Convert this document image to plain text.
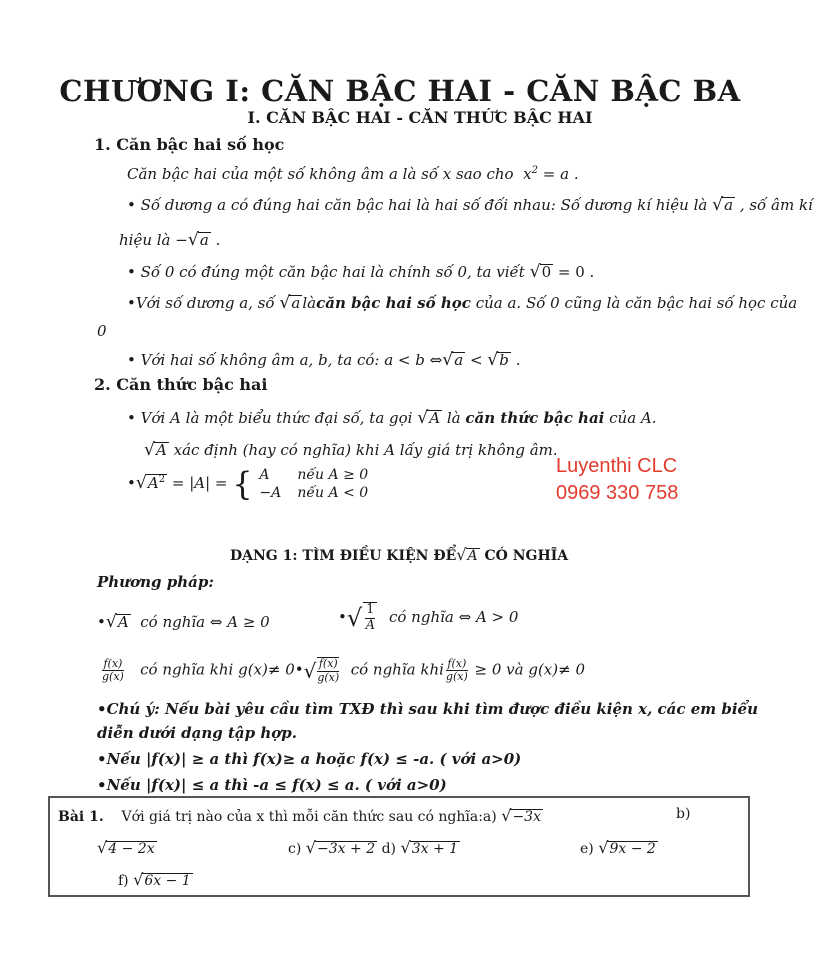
CHƯƠNG I: CĂN BẬC HAI - CĂN BẬC BA
I. CĂN BẬC HAI - CĂN THỨC BẬC HAI
1. Căn bậc hai số học
Căn bậc hai của một số không âm a là số x sao cho $x^2 = a$ .
• Số dương a có đúng hai căn bậc hai là hai số đối nhau: Số dương kí hiệu là √a , số âm kí
hiệu là −√a .
• Số 0 có đúng một căn bậc hai là chính số 0, ta viết √0 = 0 .
•Với số dương a, số √a làcăn bậc hai số học của a. Số 0 cũng là căn bậc hai số học của
0
• Với hai số không âm a, b, ta có: a < b ⇔√a < √b .
2. Căn thức bậc hai
• Với A là một biểu thức đại số, ta gọi √A là căn thức bậc hai của A.
√A xác định (hay có nghĩa) khi A lấy giá trị không âm.
$•√A^2 = |A|$ = { A nếu A ≥ 0
−A nếu A < 0
Luyenthi CLC
0969 330 758
DẠNG 1: TÌM ĐIỀU KIỆN ĐỂ√A CÓ NGHĨA
Phương pháp:
•√A có nghĩa ⇔ A ≥ 0	•√ $\frac{1}{A}$ có nghĩa ⇔ A > 0
$\frac{f(x)}{g(x)}$ có nghĩa khi g(x)≠ 0•√ $\frac{f(x)}{g(x)}$ có nghĩa khi $\frac{f(x)}{g(x)} \ge 0$ và g(x)≠ 0
•Chú ý: Nếu bài yêu cầu tìm TXĐ thì sau khi tìm được điều kiện x, các em biểu
diễn dưới dạng tập hợp.
•Nếu |f(x)| ≥ a thì f(x)≥ a hoặc f(x) ≤ -a. ( với a>0)
•Nếu |f(x)| ≤ a thì -a ≤ f(x) ≤ a. ( với a>0)
Bài 1. Với giá trị nào của x thì mỗi căn thức sau có nghĩa:a) √−3x	b)
√4 − 2x	c) √−3x + 2 d) √3x + 1	e) √9x − 2
f) √6x − 1
